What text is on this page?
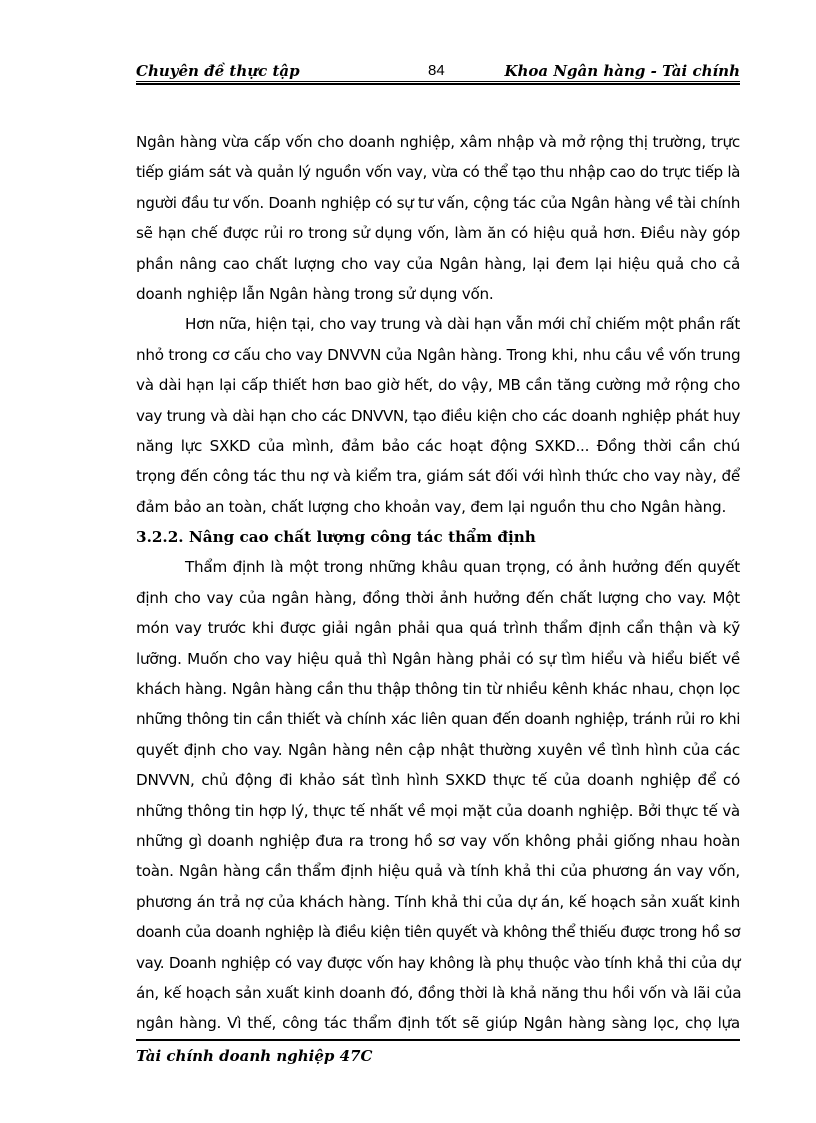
Chuyên đề thực tập	84	Khoa Ngân hàng - Tài chính
Ngân hàng vừa cấp vốn cho doanh nghiệp, xâm nhập và mở rộng thị trường, trực
tiếp giám sát và quản lý nguồn vốn vay, vừa có thể tạo thu nhập cao do trực tiếp là
người đầu tư vốn. Doanh nghiệp có sự tư vấn, cộng tác của Ngân hàng về tài chính
sẽ hạn chế được rủi ro trong sử dụng vốn, làm ăn có hiệu quả hơn. Điều này góp
phần nâng cao chất lượng cho vay của Ngân hàng, lại đem lại hiệu quả cho cả
doanh nghiệp lẫn Ngân hàng trong sử dụng vốn.
Hơn nữa, hiện tại, cho vay trung và dài hạn vẫn mới chỉ chiếm một phần rất
nhỏ trong cơ cấu cho vay DNVVN của Ngân hàng. Trong khi, nhu cầu về vốn trung
và dài hạn lại cấp thiết hơn bao giờ hết, do vậy, MB cần tăng cường mở rộng cho
vay trung và dài hạn cho các DNVVN, tạo điều kiện cho các doanh nghiệp phát huy
năng lực SXKD của mình, đảm bảo các hoạt động SXKD... Đồng thời cần chú
trọng đến công tác thu nợ và kiểm tra, giám sát đối với hình thức cho vay này, để
đảm bảo an toàn, chất lượng cho khoản vay, đem lại nguồn thu cho Ngân hàng.
3.2.2. Nâng cao chất lượng công tác thẩm định
Thẩm định là một trong những khâu quan trọng, có ảnh hưởng đến quyết
định cho vay của ngân hàng, đồng thời ảnh hưởng đến chất lượng cho vay. Một
món vay trước khi được giải ngân phải qua quá trình thẩm định cẩn thận và kỹ
lưỡng. Muốn cho vay hiệu quả thì Ngân hàng phải có sự tìm hiểu và hiểu biết về
khách hàng. Ngân hàng cần thu thập thông tin từ nhiều kênh khác nhau, chọn lọc
những thông tin cần thiết và chính xác liên quan đến doanh nghiệp, tránh rủi ro khi
quyết định cho vay. Ngân hàng nên cập nhật thường xuyên về tình hình của các
DNVVN, chủ động đi khảo sát tình hình SXKD thực tế của doanh nghiệp để có
những thông tin hợp lý, thực tế nhất về mọi mặt của doanh nghiệp. Bởi thực tế và
những gì doanh nghiệp đưa ra trong hồ sơ vay vốn không phải giống nhau hoàn
toàn. Ngân hàng cần thẩm định hiệu quả và tính khả thi của phương án vay vốn,
phương án trả nợ của khách hàng. Tính khả thi của dự án, kế hoạch sản xuất kinh
doanh của doanh nghiệp là điều kiện tiên quyết và không thể thiếu được trong hồ sơ
vay. Doanh nghiệp có vay được vốn hay không là phụ thuộc vào tính khả thi của dự
án, kế hoạch sản xuất kinh doanh đó, đồng thời là khả năng thu hồi vốn và lãi của
ngân hàng. Vì thế, công tác thẩm định tốt sẽ giúp Ngân hàng sàng lọc, chọ lựa
Tài chính doanh nghiệp 47C
